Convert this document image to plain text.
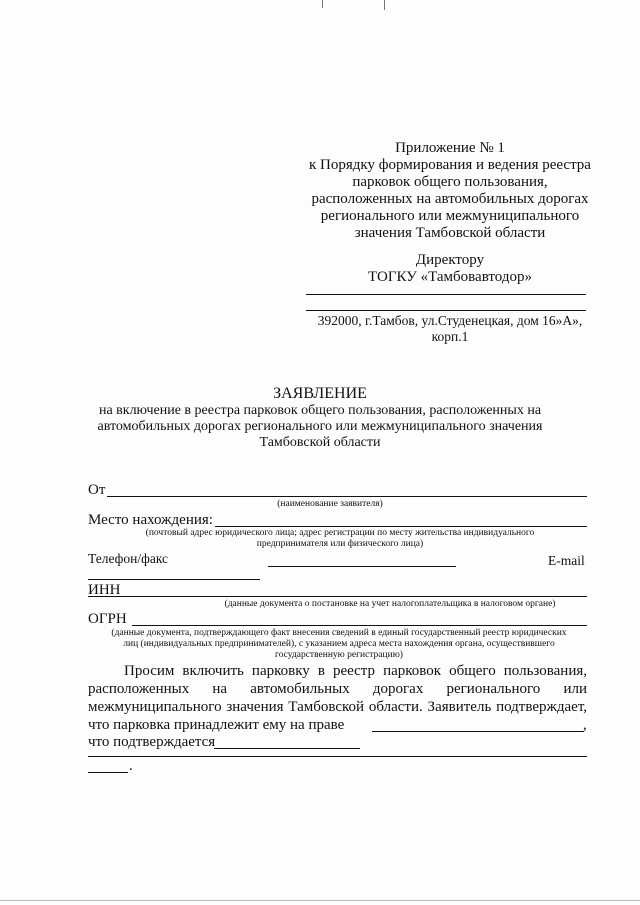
Приложение № 1
к Порядку формирования и ведения реестра
парковок общего пользования,
расположенных на автомобильных дорогах
регионального или межмуниципального
значения Тамбовской области
Директору
ТОГКУ «Тамбовавтодор»
392000, г.Тамбов, ул.Студенецкая, дом 16»А»,
корп.1
ЗАЯВЛЕНИЕ
на включение в реестра парковок общего пользования, расположенных на
автомобильных дорогах регионального или межмуниципального значения
Тамбовской области
От
(наименование заявителя)
Место нахождения:
(почтовый адрес юридического лица; адрес регистрации по месту жительства индивидуального
предпринимателя или физического лица)
Телефон/факс	E-mail
ИНН
(данные документа о постановке на учет налогоплательщика в налоговом органе)
ОГРН
(данные документа, подтверждающего факт внесения сведений в единый государственный реестр юридических
лиц (индивидуальных предпринимателей), с указанием адреса места нахождения органа, осуществившего
государственную регистрацию)
Просим включить парковку в реестр парковок общего пользования,
расположенных на автомобильных дорогах регионального или
межмуниципального значения Тамбовской области. Заявитель подтверждает,
что парковка принадлежит ему на праве	,
что подтверждается
.
